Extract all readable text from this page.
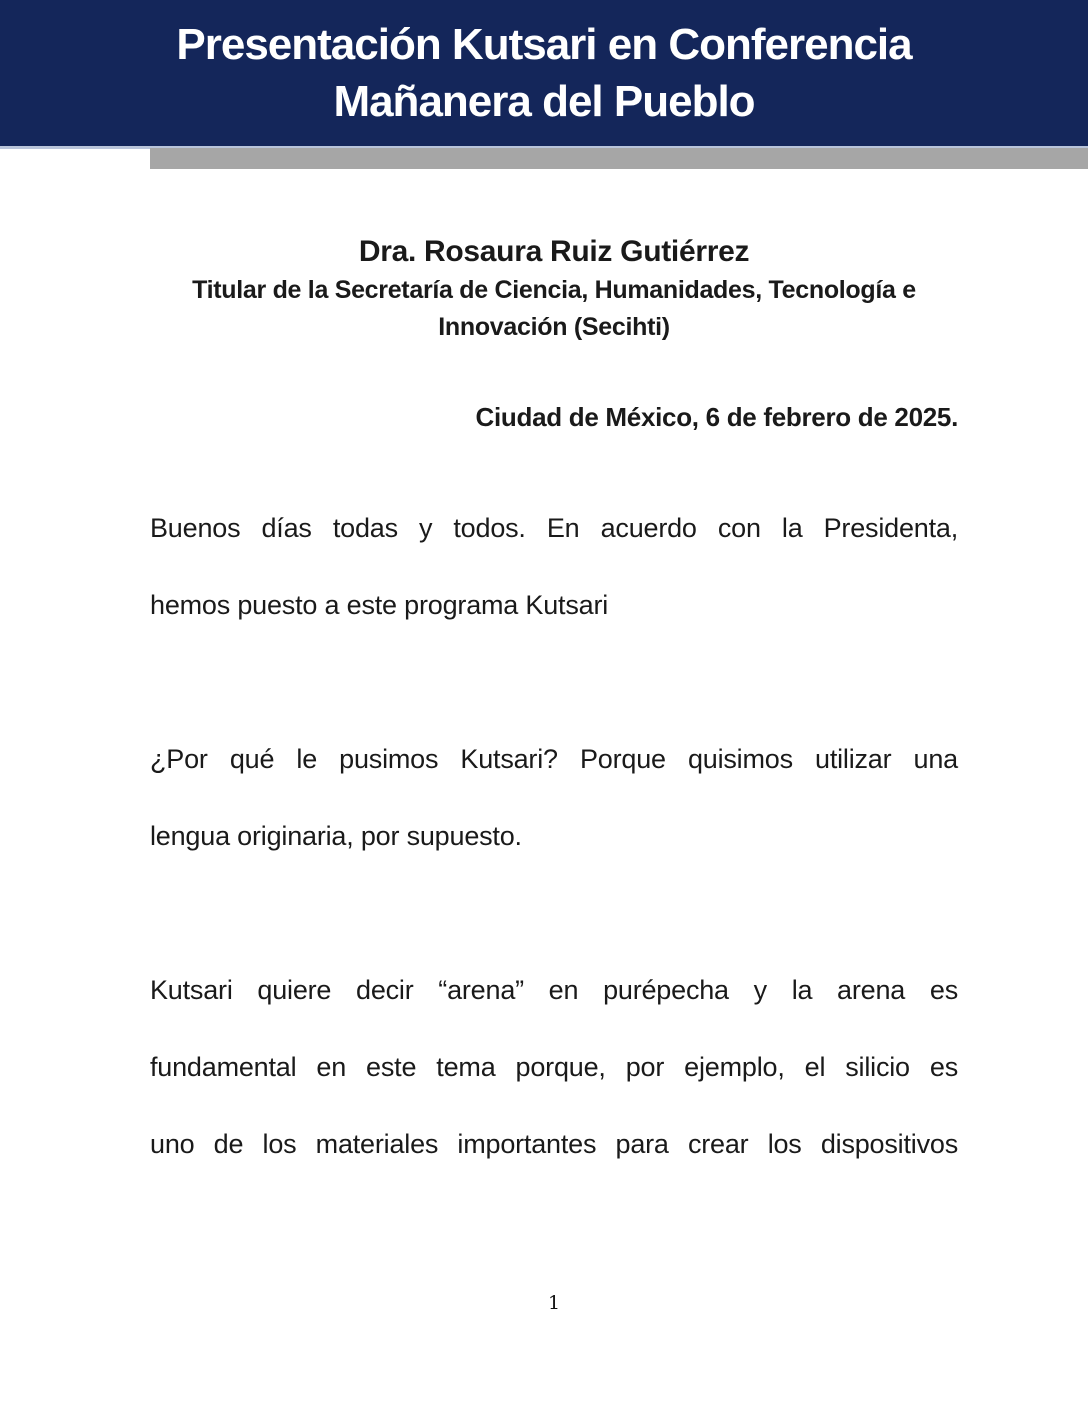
Presentación Kutsari en Conferencia
Mañanera del Pueblo
Dra. Rosaura Ruiz Gutiérrez
Titular de la Secretaría de Ciencia, Humanidades, Tecnología e
Innovación (Secihti)
Ciudad de México, 6 de febrero de 2025.
Buenos días todas y todos. En acuerdo con la Presidenta,
hemos puesto a este programa Kutsari
¿Por qué le pusimos Kutsari? Porque quisimos utilizar una
lengua originaria, por supuesto.
Kutsari quiere decir “arena” en purépecha y la arena es
fundamental en este tema porque, por ejemplo, el silicio es
uno de los materiales importantes para crear los dispositivos
1
